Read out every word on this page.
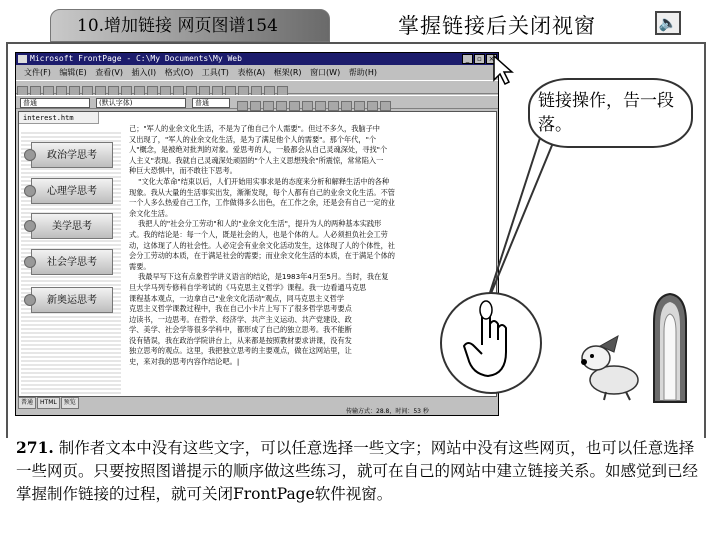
10.增加链接 网页图谱154	掌握链接后关闭视窗	🔈
Microsoft FrontPage - C:\My Documents\My Web	_	▫ ×
文件(F) 编辑(E) 查看(V) 插入(I) 格式(O) 工具(T) 表格(A) 框架(R) 窗口(W) 帮助(H)
普通	(默认字体)	普通
interest.htm
政治学思考
心理学思考
美学思考
社会学思考
新奥运思考
己；"军人的业余文化生活，不是为了他自己个人需要"。但过不多久，我脑子中
又出现了，"军人的业余文化生活，是为了满足他个人的需要"。那个年代，"个
人"概念，是被绝对批判的对象。爱思考的人，一般都会从自己灵魂深处，寻找"个
人主义"表现。我就自己灵魂深处顽固的"个人主义思想残余"所震惊，常常陷入一
种巨大恐惧中，而不敢往下思考。
"文化大革命"结束以后，人们开始用实事求是的态度来分析和解释生活中的各种
现象。我从大量的生活事实出发，渐渐发现，每个人都有自己的业余文化生活。不管
一个人多么热爱自己工作，工作做得多么出色，在工作之余，还是会有自己一定的业
余文化生活。
我把人的"社会分工劳动"和人的"业余文化生活"，提升为人的两种基本实践形
式。我的结论是：每一个人，既是社会的人，也是个体的人。人必须担负社会工劳
动，这体现了人的社会性。人必定会有业余文化活动发生，这体现了人的个体性，社
会分工劳动的本质，在于满足社会的需要；而业余文化生活的本质，在于满足个体的
需要。
我最早写下这有点象哲学讲义语言的结论，是1983年4月至5月。当时，我在复
旦大学马列专修科自学考试的《马克思主义哲学》课程。我一边看通马克思
课程基本观点，一边拿自己"业余文化活动"观点，同马克思主义哲学
克思主义哲学课教过程中，我在自己小卡片上写下了很多哲学思考要点
边读书，一边思考。在哲学、经济学、共产主义运动、共产党建设、政
学、美学、社会学等很多学科中，都形成了自己的独立思考。我不能断
没有错误，我在政治学院讲台上，从来都是按照教材要求讲课，没有发
独立思考的观点。这里，我把独立思考的主要观点，做在这网站里，让
史，来对我的思考内容作结论吧。|
普通 HTML 预览
传输方式：28.8，时间：53 秒
链接操作，告一段落。
271. 制作者文本中没有这些文字，可以任意选择一些文字；网站中没有这些网页，也可以任意选择一些网页。只要按照图谱提示的顺序做这些练习，就可在自己的网站中建立链接关系。如感觉到已经掌握制作链接的过程，就可关闭FrontPage软件视窗。
